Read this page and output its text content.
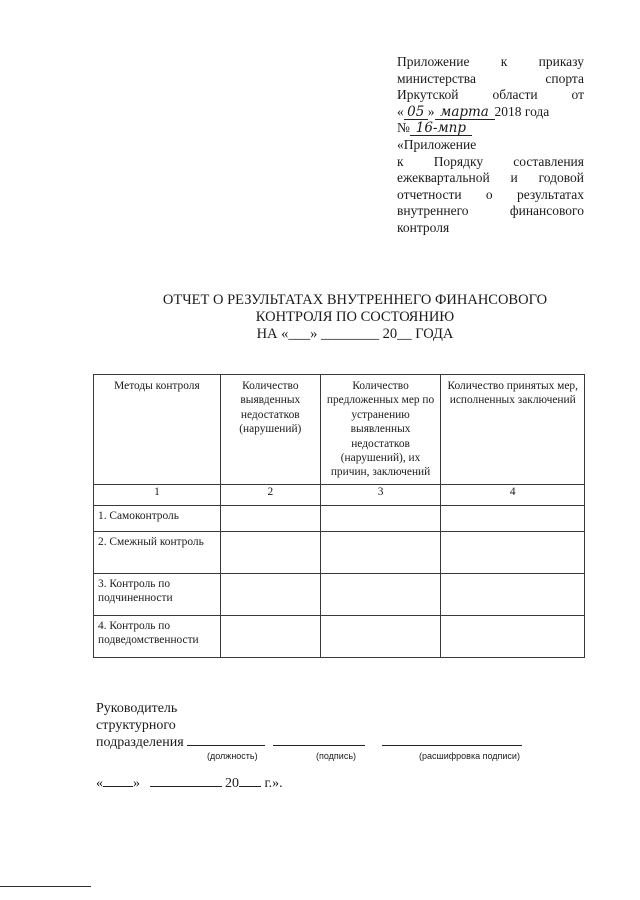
Приложение к приказу
министерства	спорта
Иркутской	области	от
« 05 » марта 2018 года
№ 16-мпр
«Приложение
к Порядку составления
ежеквартальной и годовой
отчетности о результатах
внутреннего	финансового
контроля
ОТЧЕТ О РЕЗУЛЬТАТАХ ВНУТРЕННЕГО ФИНАНСОВОГО
КОНТРОЛЯ ПО СОСТОЯНИЮ
НА «___» ________ 20__ ГОДА
Методы контроля	Количество выявденных недостатков (нарушений)	Количество предложенных мер по устранению выявленных недостатков (нарушений), их причин, заключений	Количество принятых мер, исполненных заключений
1	2	3	4
1. Самоконтроль			
2. Смежный контроль			
3. Контроль по подчиненности			
4. Контроль по подведомственности			
Руководитель
структурного
подразделения
(должность)	(подпись)	(расшифровка подписи)
« »	20 г.».
